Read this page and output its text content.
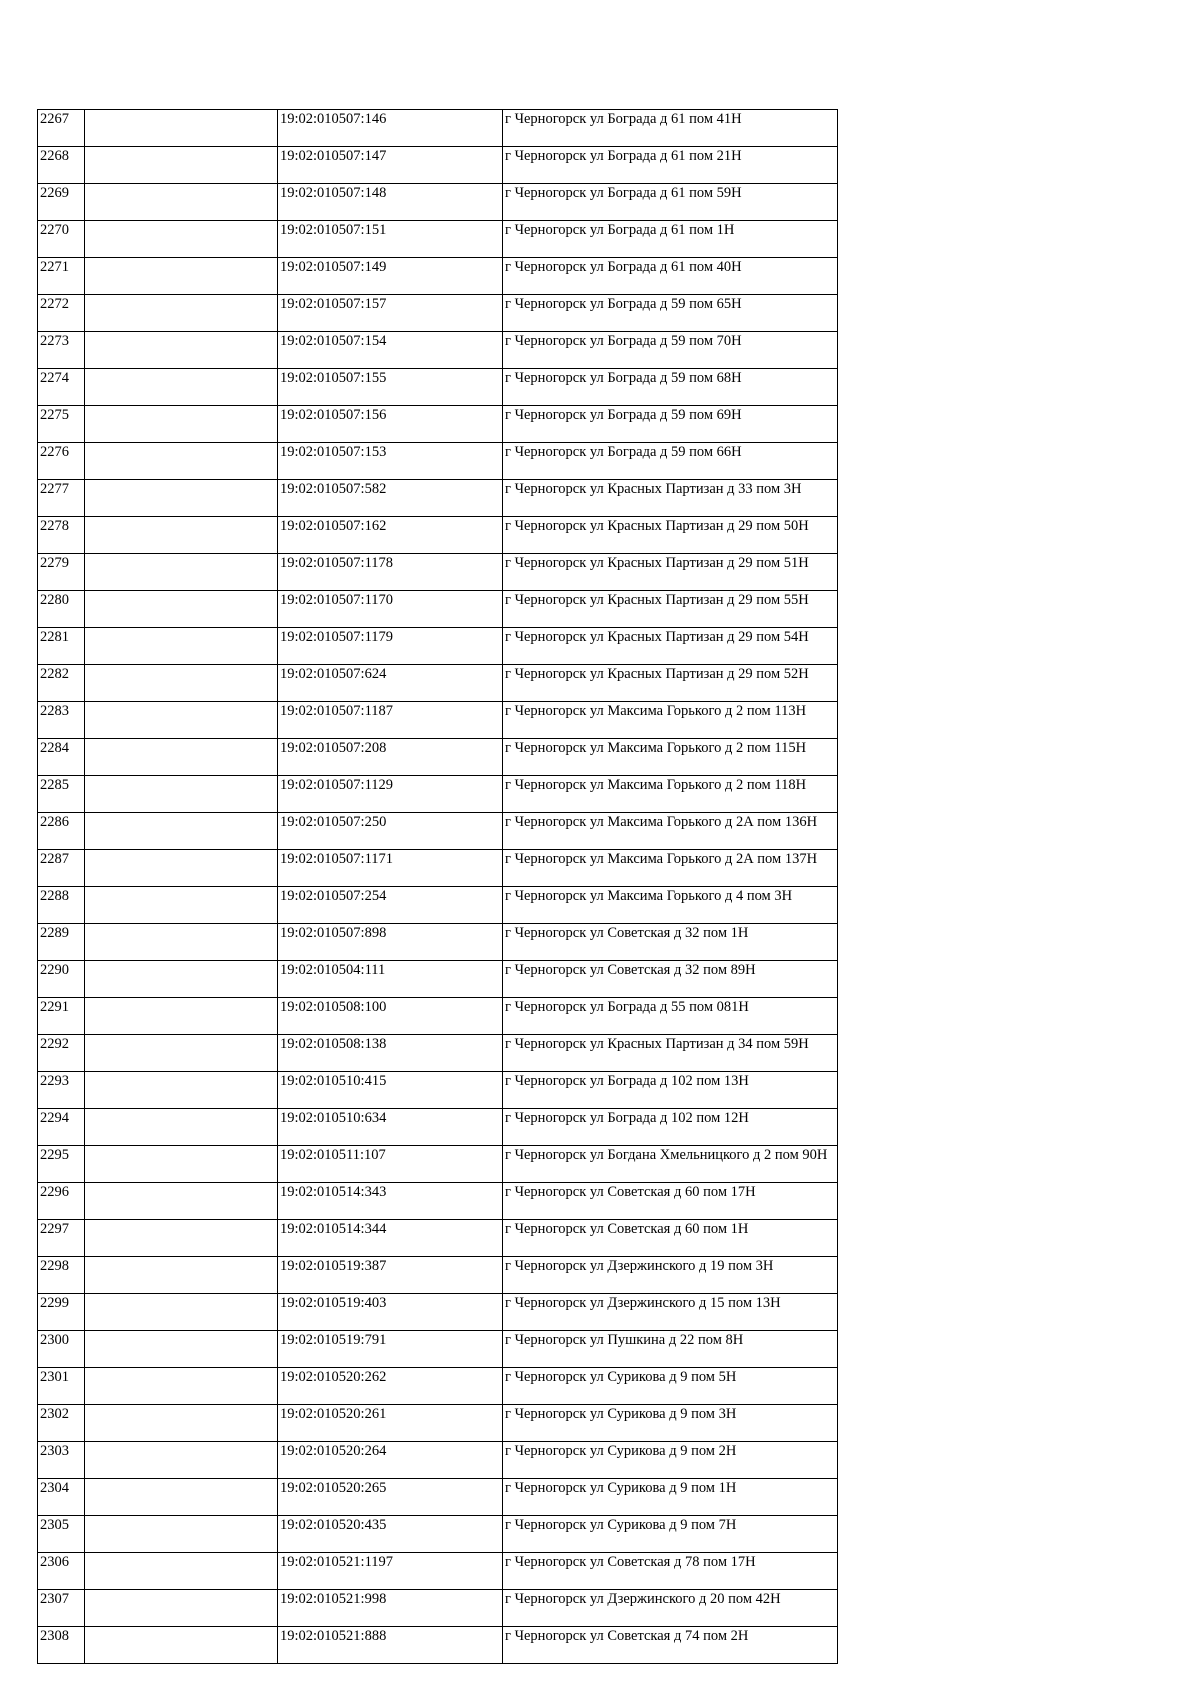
2267		19:02:010507:146	г Черногорск ул Бограда д 61 пом 41Н
2268		19:02:010507:147	г Черногорск ул Бограда д 61 пом 21Н
2269		19:02:010507:148	г Черногорск ул Бограда д 61 пом 59Н
2270		19:02:010507:151	г Черногорск ул Бограда д 61 пом 1Н
2271		19:02:010507:149	г Черногорск ул Бограда д 61 пом 40Н
2272		19:02:010507:157	г Черногорск ул Бограда д 59 пом 65Н
2273		19:02:010507:154	г Черногорск ул Бограда д 59 пом 70Н
2274		19:02:010507:155	г Черногорск ул Бограда д 59 пом 68Н
2275		19:02:010507:156	г Черногорск ул Бограда д 59 пом 69Н
2276		19:02:010507:153	г Черногорск ул Бограда д 59 пом 66Н
2277		19:02:010507:582	г Черногорск ул Красных Партизан д 33 пом 3Н
2278		19:02:010507:162	г Черногорск ул Красных Партизан д 29 пом 50Н
2279		19:02:010507:1178	г Черногорск ул Красных Партизан д 29 пом 51Н
2280		19:02:010507:1170	г Черногорск ул Красных Партизан д 29 пом 55Н
2281		19:02:010507:1179	г Черногорск ул Красных Партизан д 29 пом 54Н
2282		19:02:010507:624	г Черногорск ул Красных Партизан д 29 пом 52Н
2283		19:02:010507:1187	г Черногорск ул Максима Горького д 2 пом 113Н
2284		19:02:010507:208	г Черногорск ул Максима Горького д 2 пом 115Н
2285		19:02:010507:1129	г Черногорск ул Максима Горького д 2 пом 118Н
2286		19:02:010507:250	г Черногорск ул Максима Горького д 2А пом 136Н
2287		19:02:010507:1171	г Черногорск ул Максима Горького д 2А пом 137Н
2288		19:02:010507:254	г Черногорск ул Максима Горького д 4 пом 3Н
2289		19:02:010507:898	г Черногорск ул Советская д 32 пом 1Н
2290		19:02:010504:111	г Черногорск ул Советская д 32 пом 89Н
2291		19:02:010508:100	г Черногорск ул Бограда д 55 пом 081Н
2292		19:02:010508:138	г Черногорск ул Красных Партизан д 34 пом 59Н
2293		19:02:010510:415	г Черногорск ул Бограда д 102 пом 13Н
2294		19:02:010510:634	г Черногорск ул Бограда д 102 пом 12Н
2295		19:02:010511:107	г Черногорск ул Богдана Хмельницкого д 2 пом 90Н
2296		19:02:010514:343	г Черногорск ул Советская д 60 пом 17Н
2297		19:02:010514:344	г Черногорск ул Советская д 60 пом 1Н
2298		19:02:010519:387	г Черногорск ул Дзержинского д 19 пом 3Н
2299		19:02:010519:403	г Черногорск ул Дзержинского д 15 пом 13Н
2300		19:02:010519:791	г Черногорск ул Пушкина д 22 пом 8Н
2301		19:02:010520:262	г Черногорск ул Сурикова д 9 пом 5Н
2302		19:02:010520:261	г Черногорск ул Сурикова д 9 пом 3Н
2303		19:02:010520:264	г Черногорск ул Сурикова д 9 пом 2Н
2304		19:02:010520:265	г Черногорск ул Сурикова д 9 пом 1Н
2305		19:02:010520:435	г Черногорск ул Сурикова д 9 пом 7Н
2306		19:02:010521:1197	г Черногорск ул Советская д 78 пом 17Н
2307		19:02:010521:998	г Черногорск ул Дзержинского д 20 пом 42Н
2308		19:02:010521:888	г Черногорск ул Советская д 74 пом 2Н
